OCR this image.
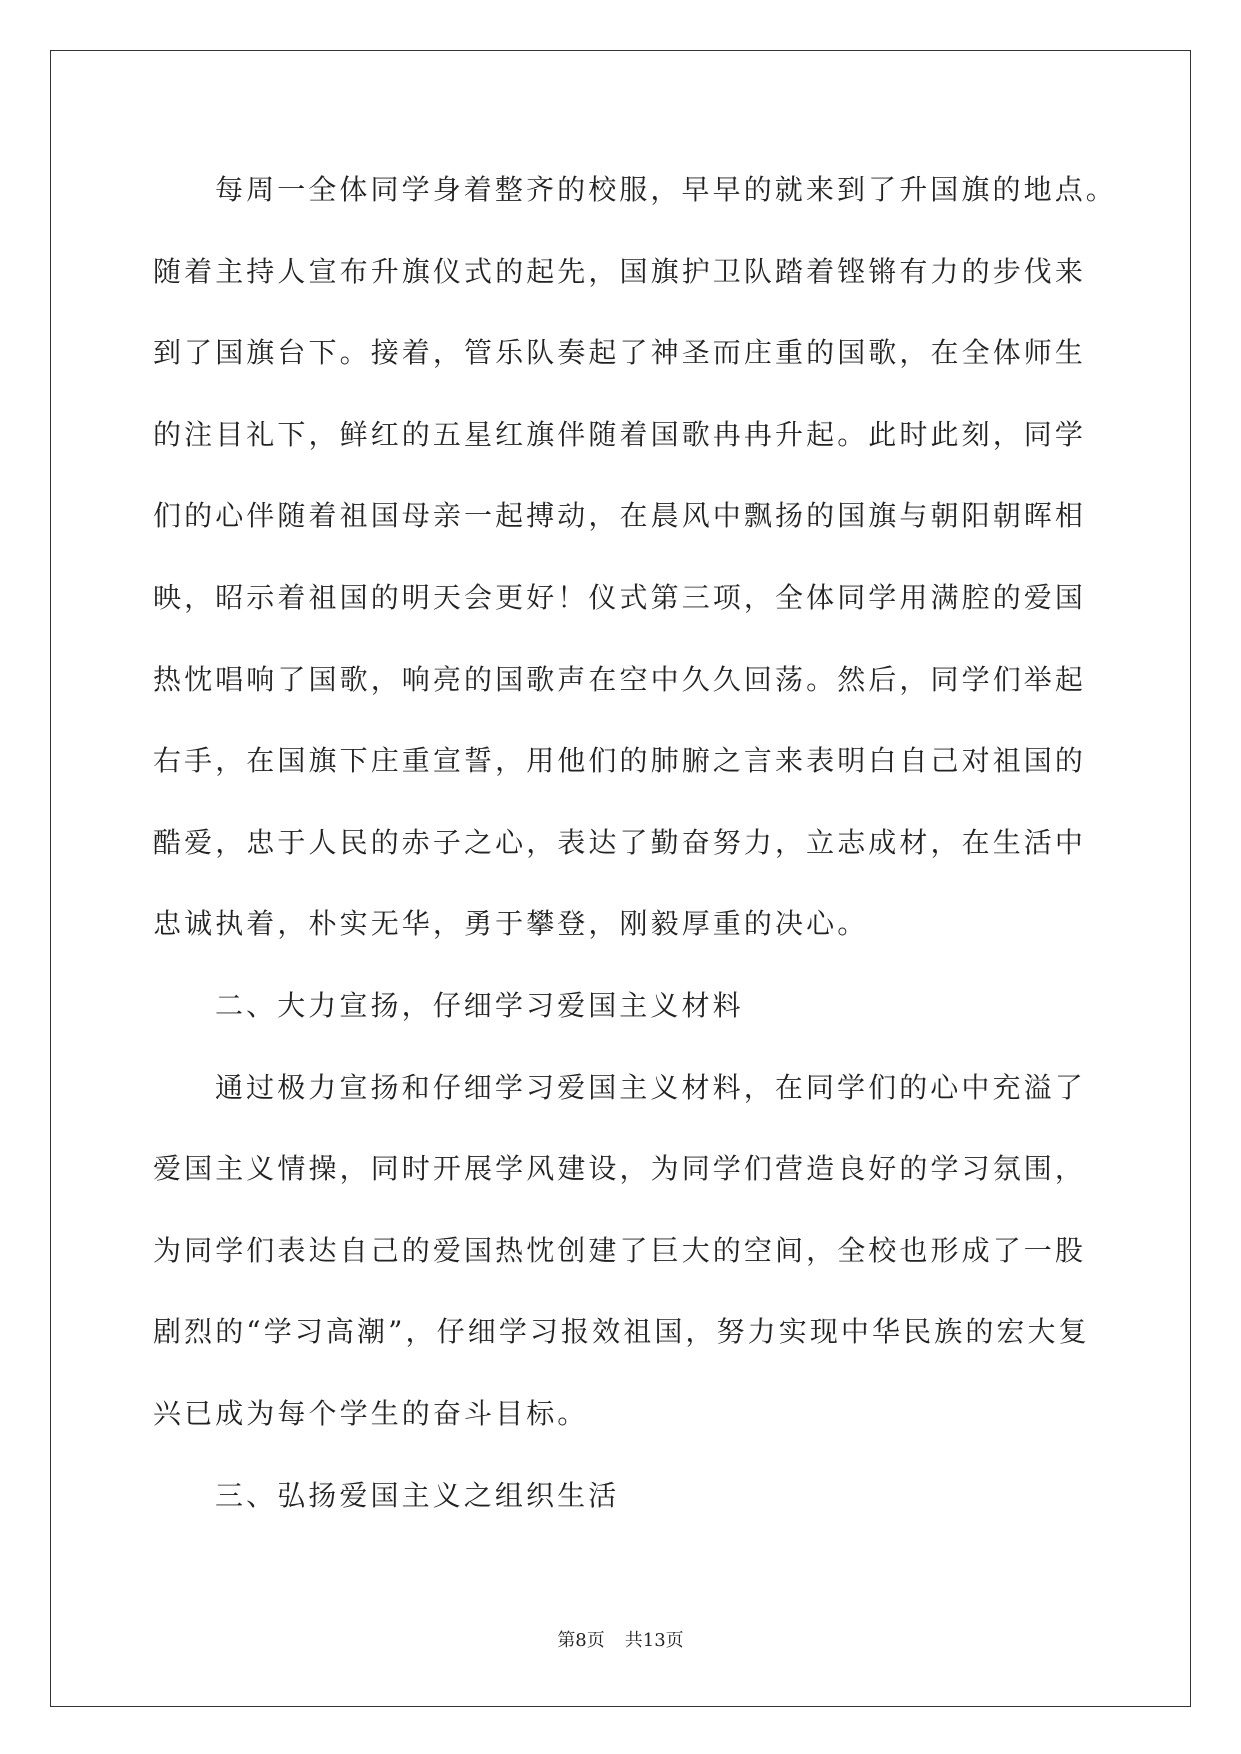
每周一全体同学身着整齐的校服，早早的就来到了升国旗的地点。
随着主持人宣布升旗仪式的起先，国旗护卫队踏着铿锵有力的步伐来
到了国旗台下。接着，管乐队奏起了神圣而庄重的国歌，在全体师生
的注目礼下，鲜红的五星红旗伴随着国歌冉冉升起。此时此刻，同学
们的心伴随着祖国母亲一起搏动，在晨风中飘扬的国旗与朝阳朝晖相
映，昭示着祖国的明天会更好！仪式第三项，全体同学用满腔的爱国
热忱唱响了国歌，响亮的国歌声在空中久久回荡。然后，同学们举起
右手，在国旗下庄重宣誓，用他们的肺腑之言来表明白自己对祖国的
酷爱，忠于人民的赤子之心，表达了勤奋努力，立志成材，在生活中
忠诚执着，朴实无华，勇于攀登，刚毅厚重的决心。
二、大力宣扬，仔细学习爱国主义材料
通过极力宣扬和仔细学习爱国主义材料，在同学们的心中充溢了
爱国主义情操，同时开展学风建设，为同学们营造良好的学习氛围，
为同学们表达自己的爱国热忱创建了巨大的空间，全校也形成了一股
剧烈的“学习高潮”，仔细学习报效祖国，努力实现中华民族的宏大复
兴已成为每个学生的奋斗目标。
三、弘扬爱国主义之组织生活
第8页 共13页
